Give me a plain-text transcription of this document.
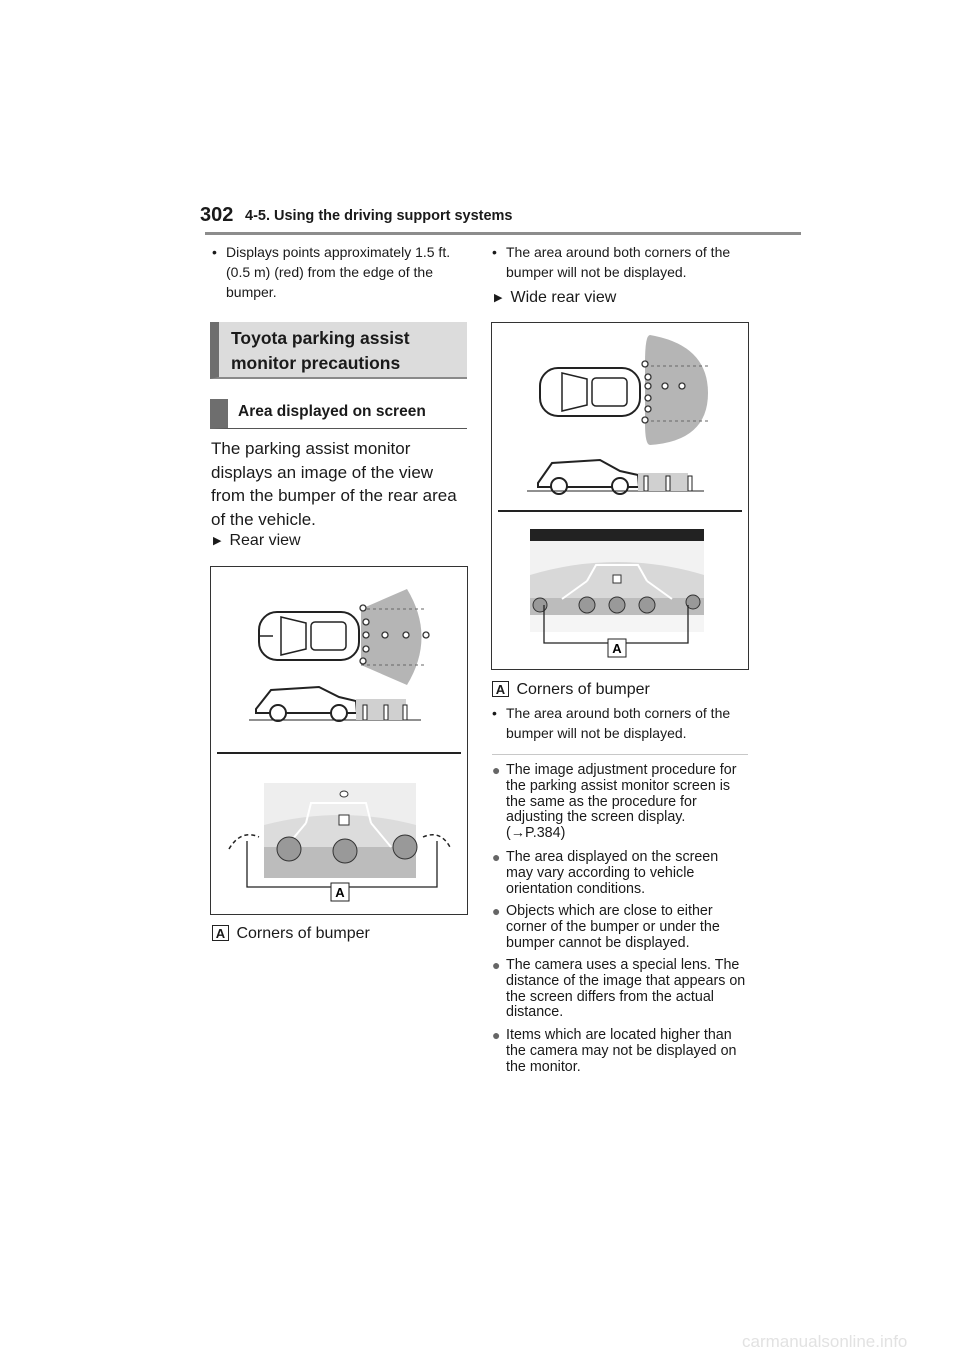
302 4-5. Using the driving support systems
• Displays points approximately 1.5 ft. (0.5 m) (red) from the edge of the bumper.
Toyota parking assist monitor precautions
Area displayed on screen
The parking assist monitor displays an image of the view from the bumper of the rear area of the vehicle.
▶ Rear view
A
A Corners of bumper
• The area around both corners of the bumper will not be displayed.
▶ Wide rear view
A
A Corners of bumper
• The area around both corners of the bumper will not be displayed.
● The image adjustment procedure for the parking assist monitor screen is the same as the procedure for adjusting the screen display. (→P.384)
● The area displayed on the screen may vary according to vehicle orientation conditions.
● Objects which are close to either corner of the bumper or under the bumper cannot be displayed.
● The camera uses a special lens. The distance of the image that appears on the screen differs from the actual distance.
● Items which are located higher than the camera may not be displayed on the monitor.
carmanualsonline.info
